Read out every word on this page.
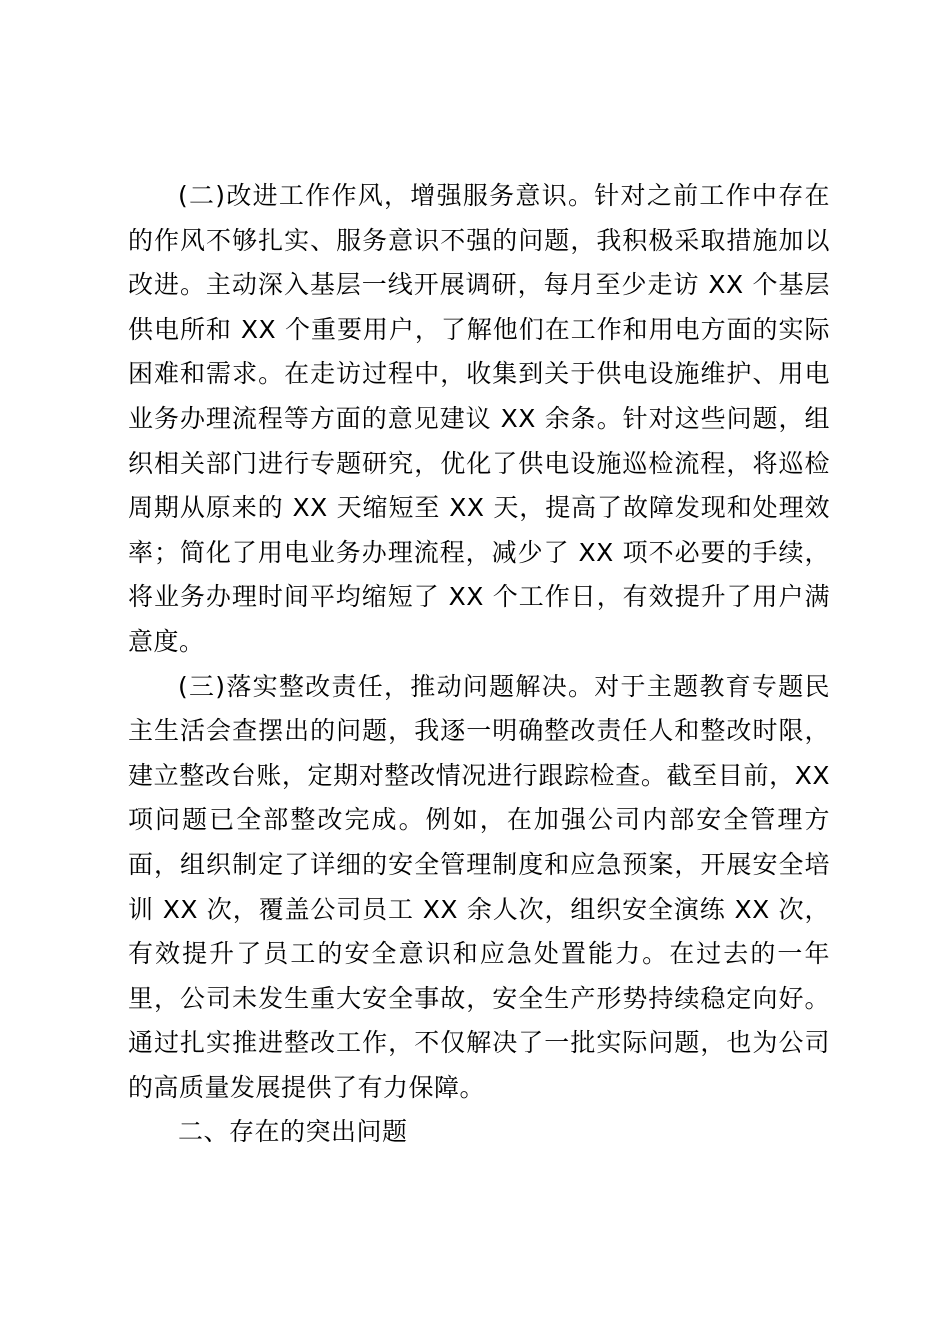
(二)改进工作作风，增强服务意识。针对之前工作中存在的作风不够扎实、服务意识不强的问题，我积极采取措施加以改进。主动深入基层一线开展调研，每月至少走访 XX 个基层供电所和 XX 个重要用户，了解他们在工作和用电方面的实际困难和需求。在走访过程中，收集到关于供电设施维护、用电业务办理流程等方面的意见建议 XX 余条。针对这些问题，组织相关部门进行专题研究，优化了供电设施巡检流程，将巡检周期从原来的 XX 天缩短至 XX 天，提高了故障发现和处理效率；简化了用电业务办理流程，减少了 XX 项不必要的手续，将业务办理时间平均缩短了 XX 个工作日，有效提升了用户满意度。

(三)落实整改责任，推动问题解决。对于主题教育专题民主生活会查摆出的问题，我逐一明确整改责任人和整改时限，建立整改台账，定期对整改情况进行跟踪检查。截至目前，XX 项问题已全部整改完成。例如，在加强公司内部安全管理方面，组织制定了详细的安全管理制度和应急预案，开展安全培训 XX 次，覆盖公司员工 XX 余人次，组织安全演练 XX 次，有效提升了员工的安全意识和应急处置能力。在过去的一年里，公司未发生重大安全事故，安全生产形势持续稳定向好。通过扎实推进整改工作，不仅解决了一批实际问题，也为公司的高质量发展提供了有力保障。

二、存在的突出问题
